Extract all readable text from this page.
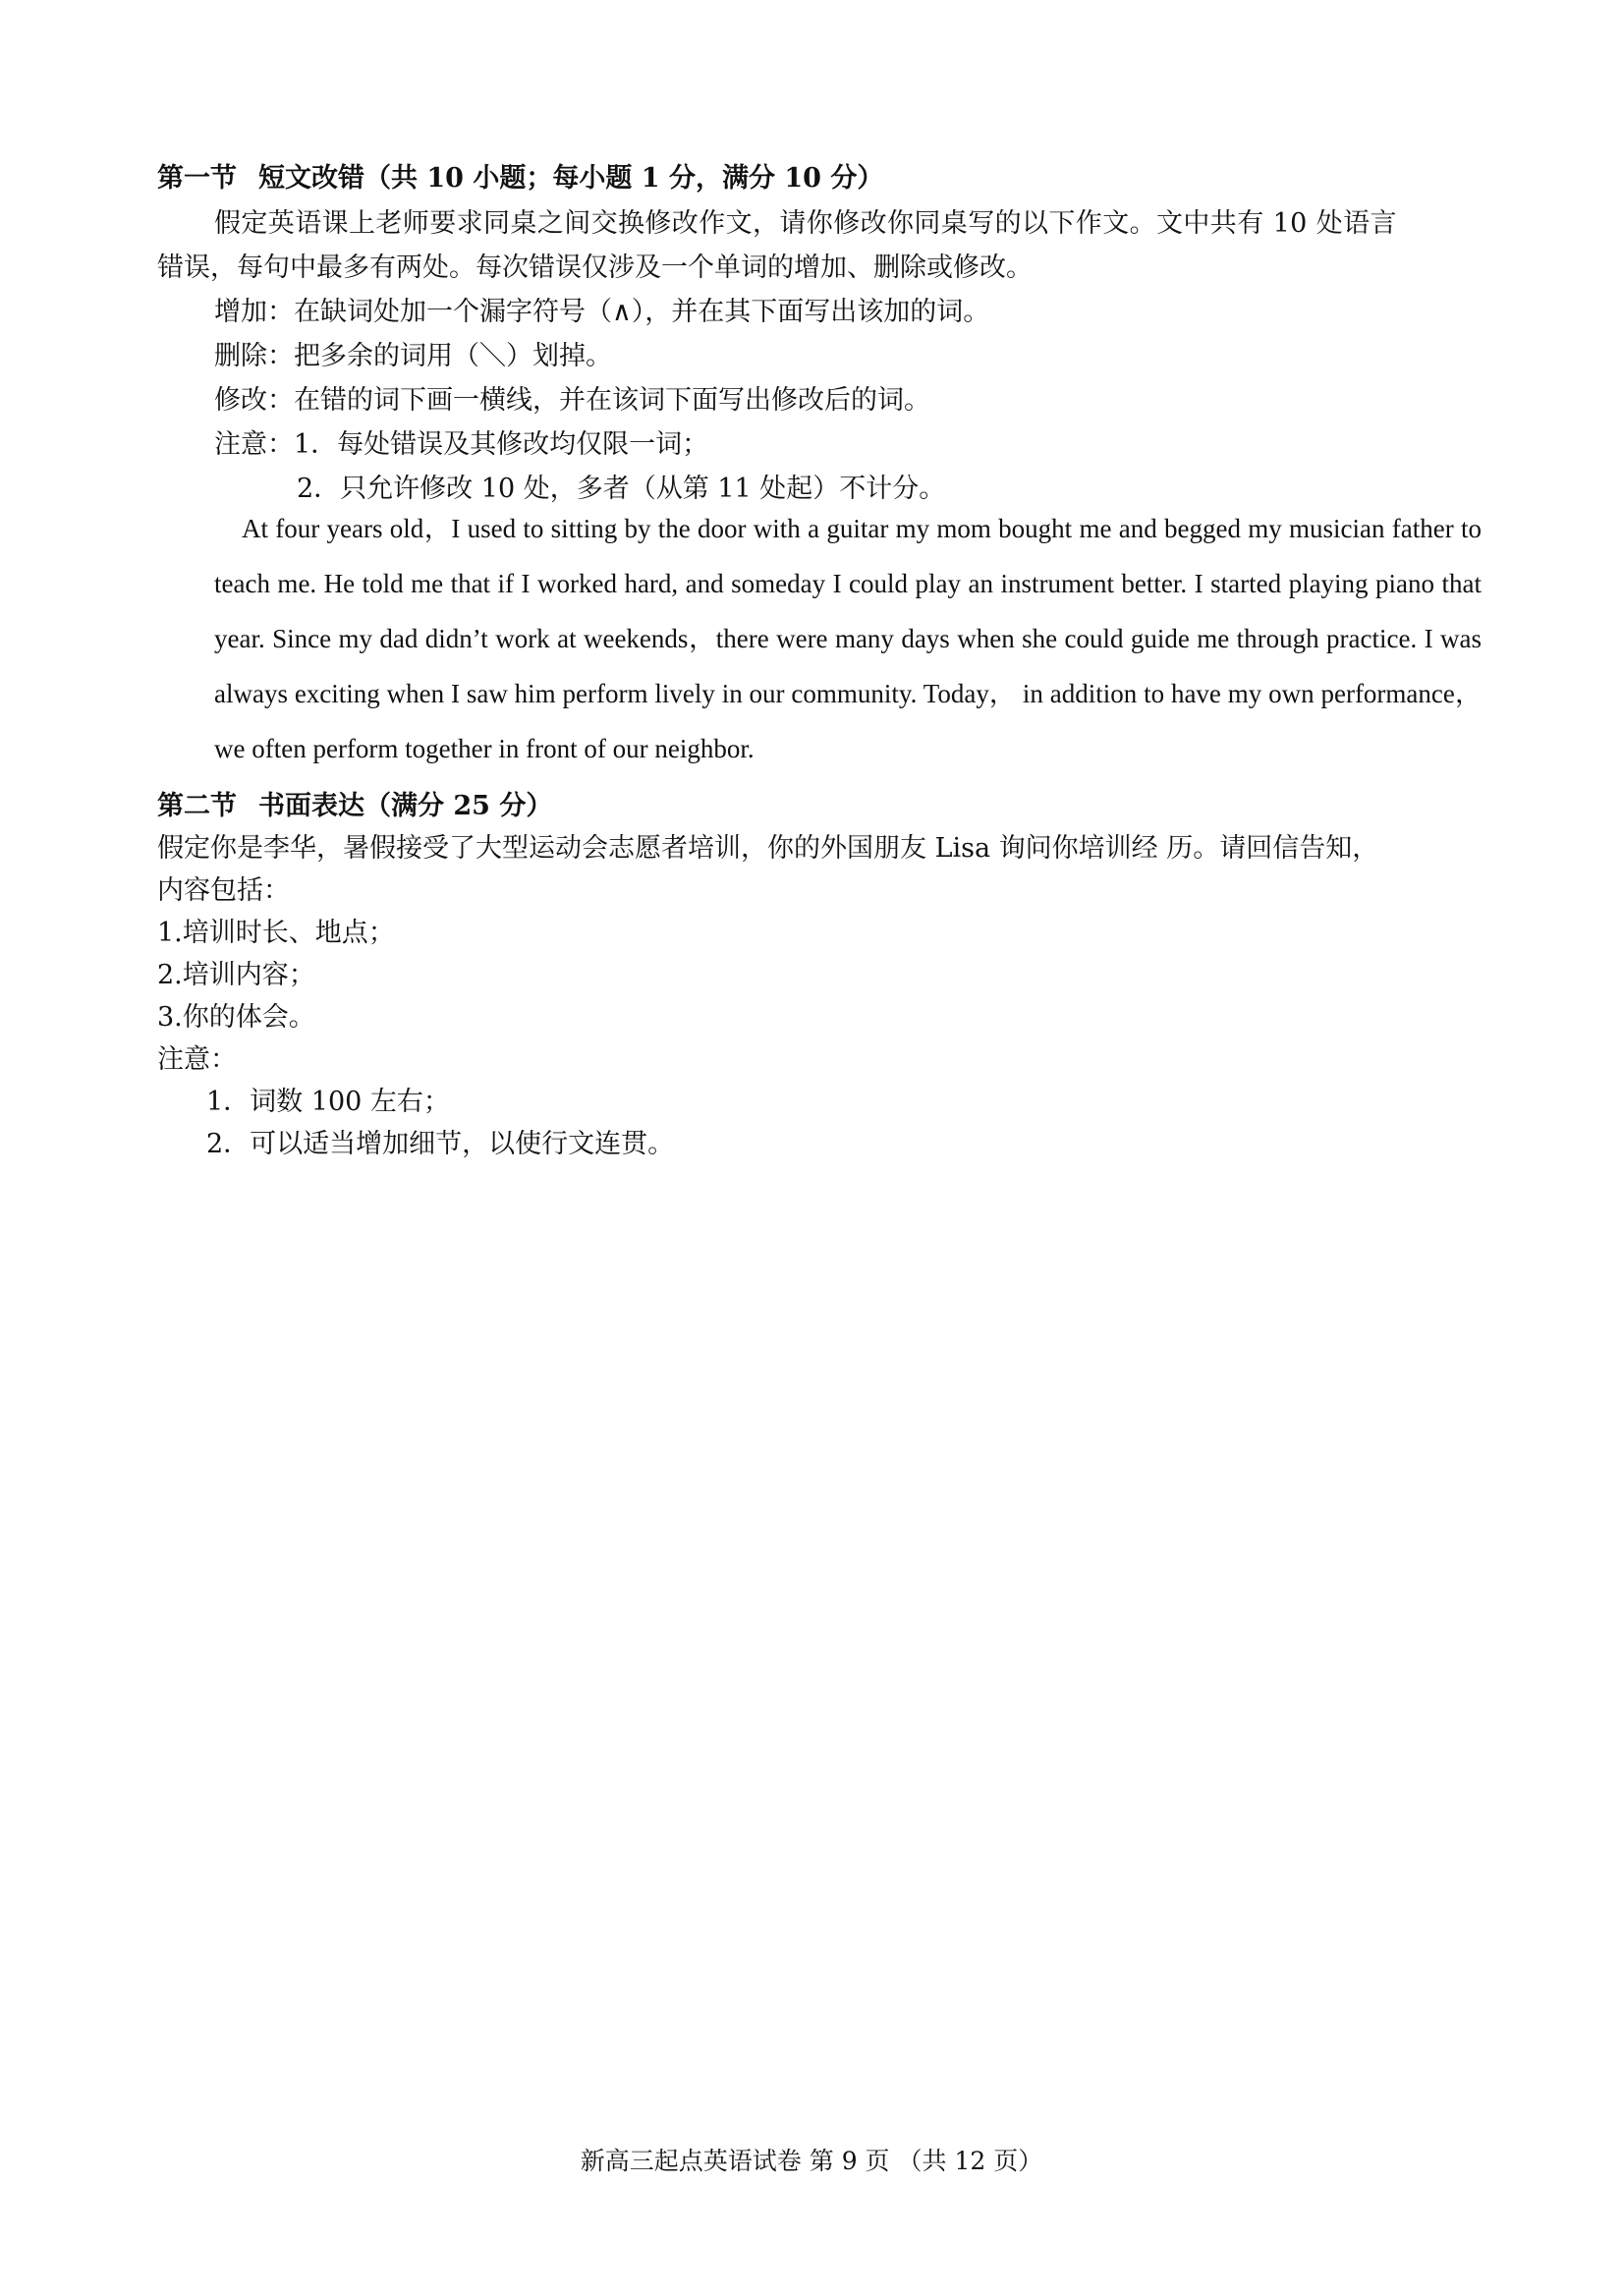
第一节 短文改错（共 10 小题；每小题 1 分，满分 10 分）
假定英语课上老师要求同桌之间交换修改作文，请你修改你同桌写的以下作文。文中共有 10 处语言
错误，每句中最多有两处。每次错误仅涉及一个单词的增加、删除或修改。
增加：在缺词处加一个漏字符号（∧），并在其下面写出该加的词。
删除：把多余的词用（＼）划掉。
修改：在错的词下画一横线，并在该词下面写出修改后的词。
注意：1．每处错误及其修改均仅限一词；
2．只允许修改 10 处，多者（从第 11 处起）不计分。

At four years old，I used to sitting by the door with a guitar my mom bought me and begged my musician father to teach me. He told me that if I worked hard, and someday I could play an instrument better. I started playing piano that year. Since my dad didn’t work at weekends，there were many days when she could guide me through practice. I was always exciting when I saw him perform lively in our community. Today， in addition to have my own performance， we often perform together in front of our neighbor.

第二节 书面表达（满分 25 分）
假定你是李华，暑假接受了大型运动会志愿者培训，你的外国朋友 Lisa 询问你培训经 历。请回信告知，
内容包括：
1.培训时长、地点；
2.培训内容；
3.你的体会。
注意：
1．词数 100 左右；
2．可以适当增加细节，以使行文连贯。
新高三起点英语试卷 第 9 页 （共 12 页）
